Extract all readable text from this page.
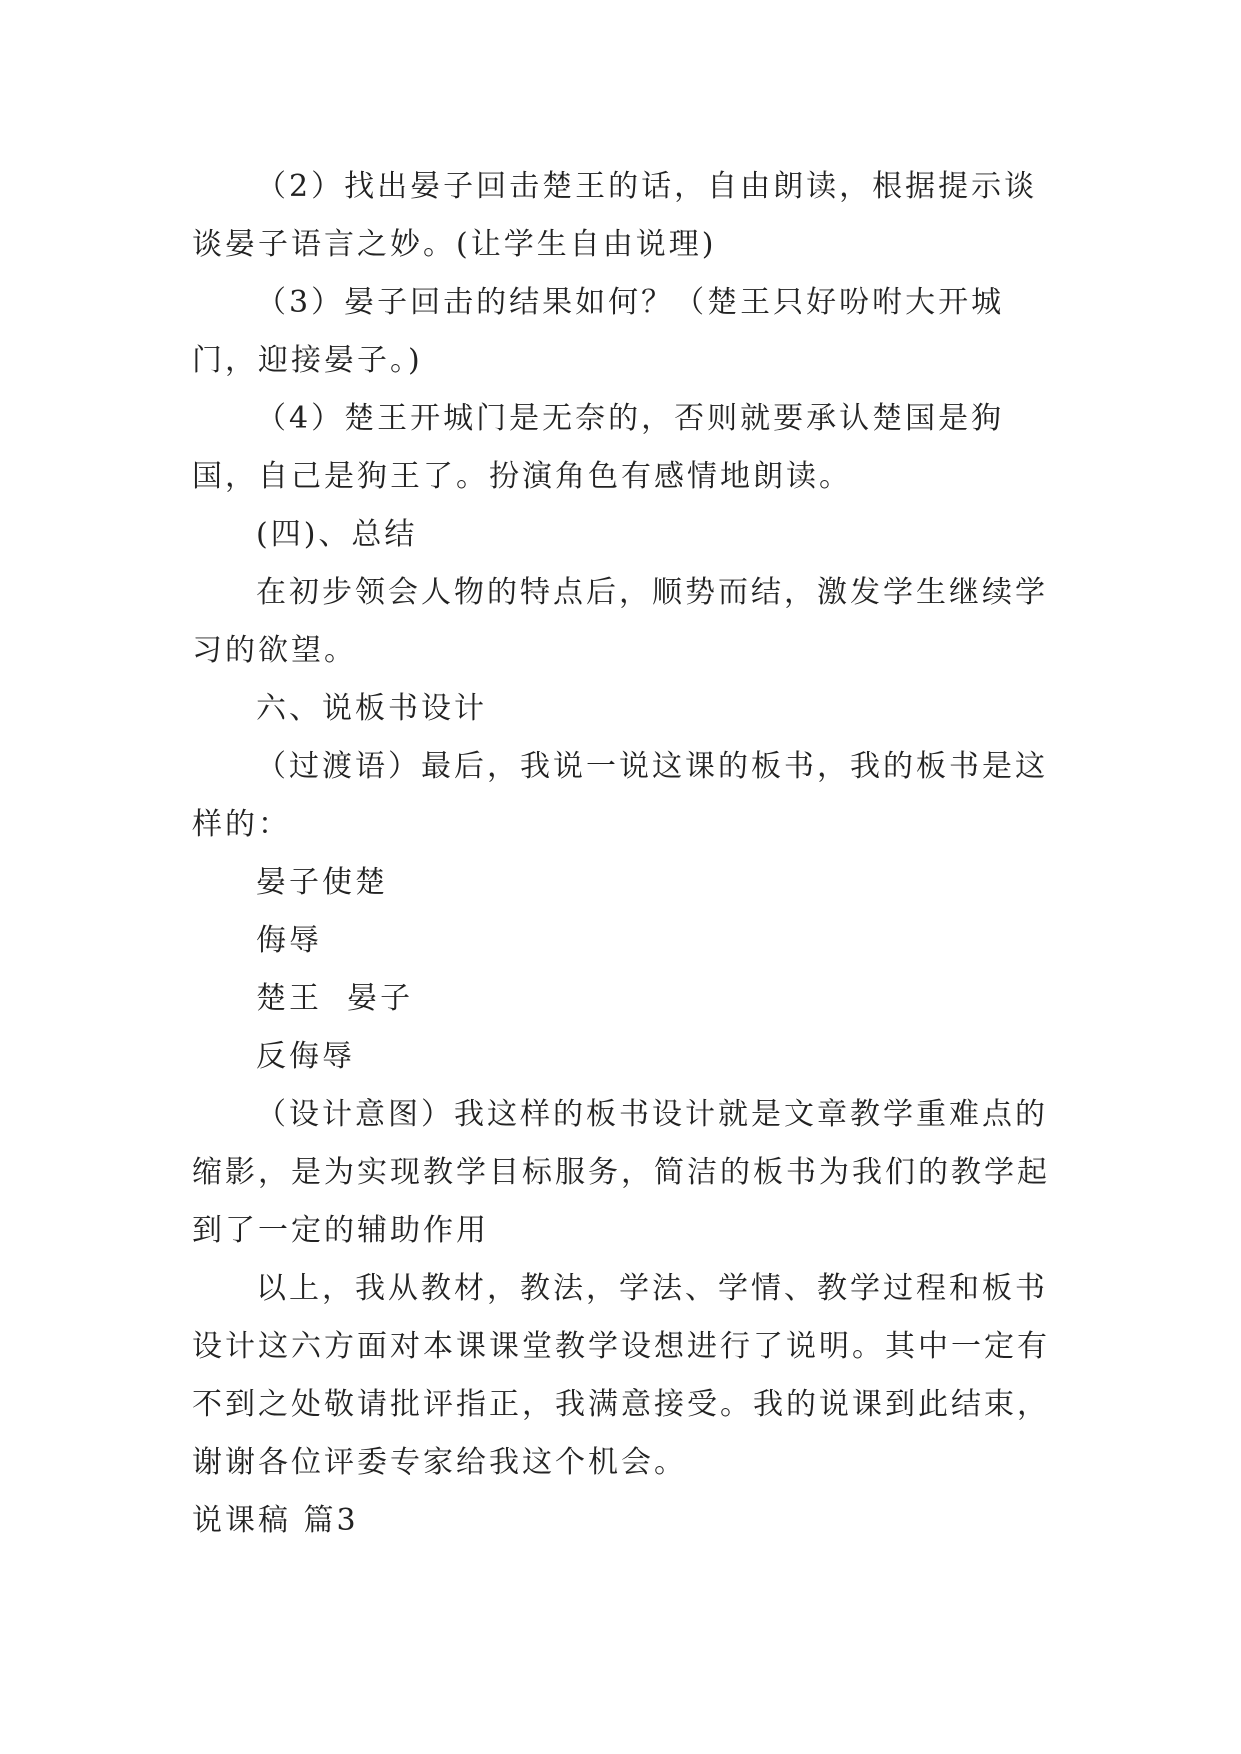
（2）找出晏子回击楚王的话，自由朗读，根据提示谈谈晏子语言之妙。(让学生自由说理)

（3）晏子回击的结果如何？（楚王只好吩咐大开城门，迎接晏子。)

（4）楚王开城门是无奈的，否则就要承认楚国是狗国，自己是狗王了。扮演角色有感情地朗读。

(四)、总结

在初步领会人物的特点后，顺势而结，激发学生继续学习的欲望。

六、说板书设计

（过渡语）最后，我说一说这课的板书，我的板书是这样的：

晏子使楚

侮辱

楚王  晏子

反侮辱

（设计意图）我这样的板书设计就是文章教学重难点的缩影，是为实现教学目标服务，简洁的板书为我们的教学起到了一定的辅助作用

以上，我从教材，教法，学法、学情、教学过程和板书设计这六方面对本课课堂教学设想进行了说明。其中一定有不到之处敬请批评指正，我满意接受。我的说课到此结束，谢谢各位评委专家给我这个机会。

说课稿 篇3
